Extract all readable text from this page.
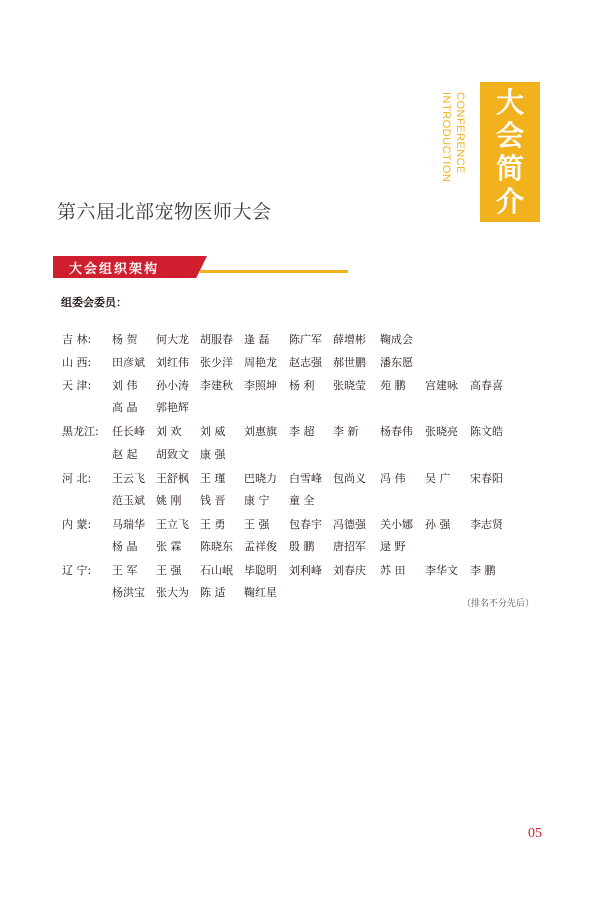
大会简介
CONFERENCE
INTRODUCTION
第六届北部宠物医师大会
大会组织架构
组委会委员：
吉 林: 杨 贺 何大龙 胡服春 逢 磊 陈广军 薛增彬 鞠成会
山 西: 田彦斌 刘红伟 张少洋 周艳龙 赵志强 郝世鹏 潘东愿
天 津: 刘 伟 孙小涛 李建秋 李照坤 杨 利 张晓莹 苑 鹏 宫建咏 高春喜
高 晶 郭艳辉
黑龙江: 任长峰 刘 欢 刘 威 刘惠旗 李 超 李 新 杨春伟 张晓亮 陈文皓
赵 起 胡致文 康 强
河 北: 王云飞 王舒枫 王 瑾 巴晓力 白雪峰 包尚义 冯 伟 吴 广 宋春阳
范玉斌 姚 刚 钱 晋 康 宁 童 全
内 蒙: 马瑞华 王立飞 王 勇 王 强 包春宇 冯德强 关小娜 孙 强 李志贤
杨 晶 张 霖 陈晓东 孟祥俊 殷 鹏 唐招军 逯 野
辽 宁: 王 军 王 强 石山岷 毕聪明 刘利峰 刘春庆 苏 田 李华文 李 鹏
杨洪宝 张大为 陈 适 鞠红星
（排名不分先后）
05
